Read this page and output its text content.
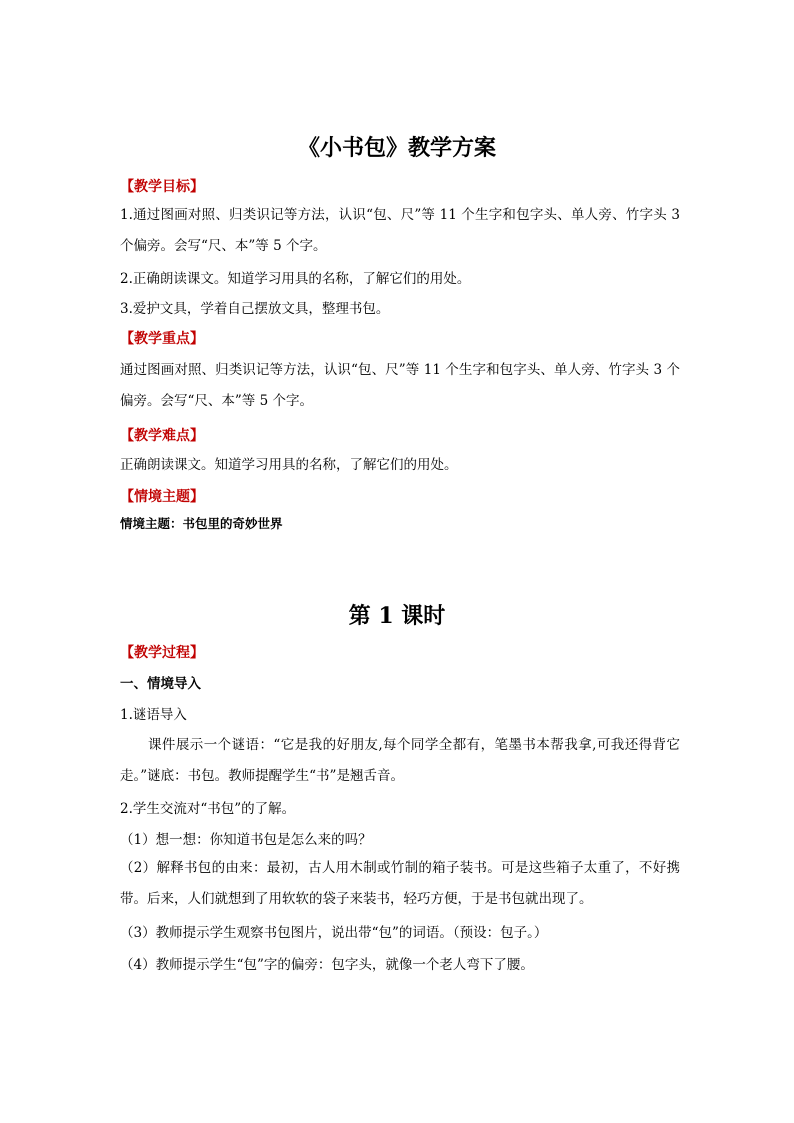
《小书包》教学方案
【教学目标】
1.通过图画对照、归类识记等方法，认识“包、尺”等 11 个生字和包字头、单人旁、竹字头 3 个偏旁。会写“尺、本”等 5 个字。
2.正确朗读课文。知道学习用具的名称，了解它们的用处。
3.爱护文具，学着自己摆放文具，整理书包。
【教学重点】
通过图画对照、归类识记等方法，认识“包、尺”等 11 个生字和包字头、单人旁、竹字头 3 个偏旁。会写“尺、本”等 5 个字。
【教学难点】
正确朗读课文。知道学习用具的名称，了解它们的用处。
【情境主题】
情境主题：书包里的奇妙世界
第 1 课时
【教学过程】
一、情境导入
1.谜语导入
课件展示一个谜语：“它是我的好朋友,每个同学全都有，笔墨书本帮我拿,可我还得背它走。”谜底：书包。教师提醒学生“书”是翘舌音。
2.学生交流对“书包”的了解。
（1）想一想：你知道书包是怎么来的吗？
（2）解释书包的由来：最初，古人用木制或竹制的箱子装书。可是这些箱子太重了，不好携带。后来，人们就想到了用软软的袋子来装书，轻巧方便，于是书包就出现了。
（3）教师提示学生观察书包图片，说出带“包”的词语。（预设：包子。）
（4）教师提示学生“包”字的偏旁：包字头，就像一个老人弯下了腰。
